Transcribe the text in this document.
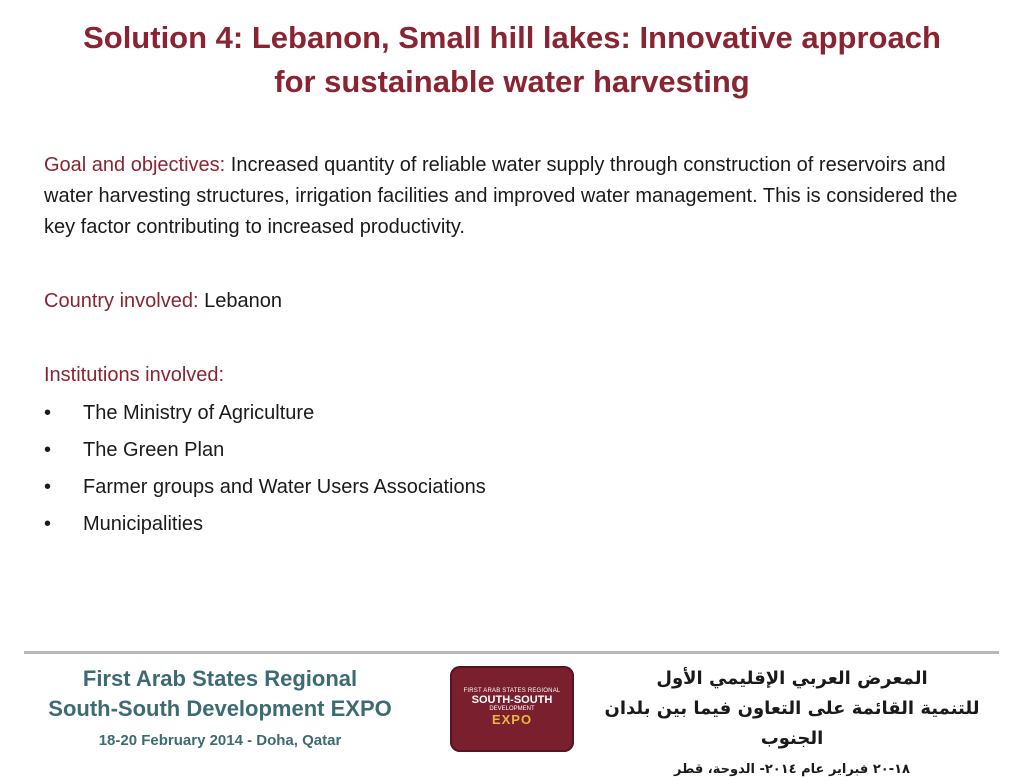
Solution 4: Lebanon, Small hill lakes: Innovative approach
for sustainable water harvesting

Goal and objectives: Increased quantity of reliable water supply through construction of reservoirs and water harvesting structures, irrigation facilities and improved water management. This is considered the key factor contributing to increased productivity.

Country involved: Lebanon

Institutions involved:

• The Ministry of Agriculture
• The Green Plan
• Farmer groups and Water Users Associations
• Municipalities
First Arab States Regional
South-South Development EXPO
18-20 February 2014 - Doha, Qatar
FIRST ARAB STATES REGIONAL
SOUTH-SOUTH
DEVELOPMENT
EXPO
المعرض العربي الإقليمي الأول
للتنمية القائمة على التعاون فيما بين بلدان الجنوب
١٨-٢٠ فبراير عام ٢٠١٤- الدوحة، قطر
